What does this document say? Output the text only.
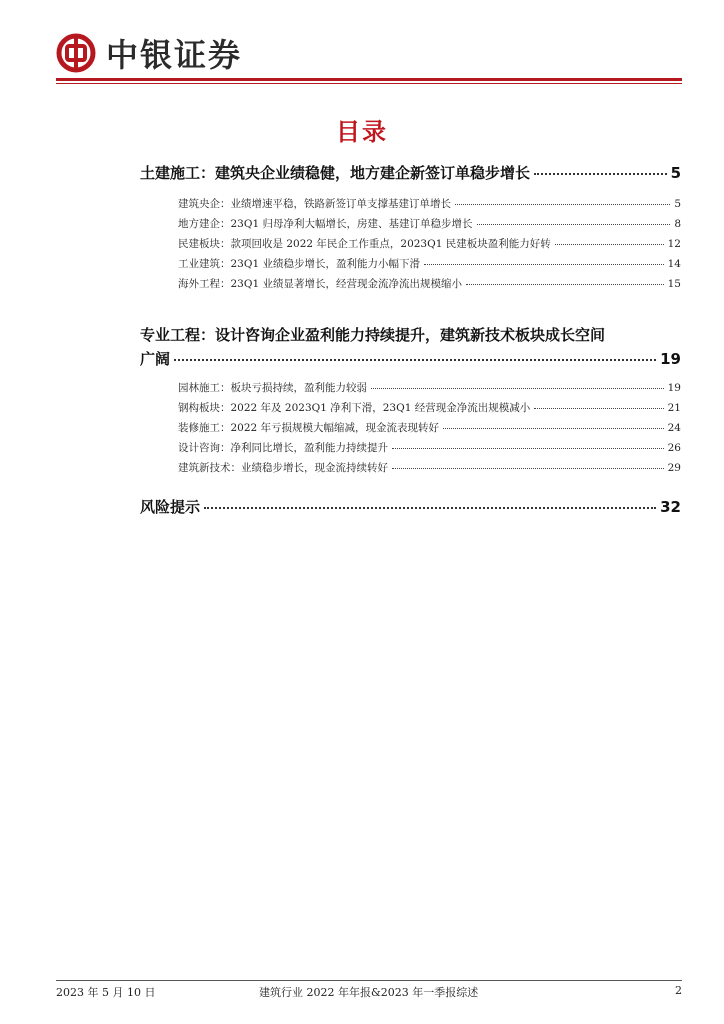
中银证券
目录
土建施工：建筑央企业绩稳健，地方建企新签订单稳步增长	5
建筑央企：业绩增速平稳，铁路新签订单支撑基建订单增长	5
地方建企：23Q1 归母净利大幅增长，房建、基建订单稳步增长	8
民建板块：款项回收是 2022 年民企工作重点，2023Q1 民建板块盈利能力好转	12
工业建筑：23Q1 业绩稳步增长，盈利能力小幅下滑	14
海外工程：23Q1 业绩显著增长，经营现金流净流出规模缩小	15
专业工程：设计咨询企业盈利能力持续提升，建筑新技术板块成长空间
广阔	19
园林施工：板块亏损持续，盈利能力较弱	19
钢构板块：2022 年及 2023Q1 净利下滑，23Q1 经营现金净流出规模减小	21
装修施工：2022 年亏损规模大幅缩减，现金流表现转好	24
设计咨询：净利同比增长，盈利能力持续提升	26
建筑新技术：业绩稳步增长，现金流持续转好	29
风险提示	32
2023 年 5 月 10 日	建筑行业 2022 年年报&2023 年一季报综述	2
